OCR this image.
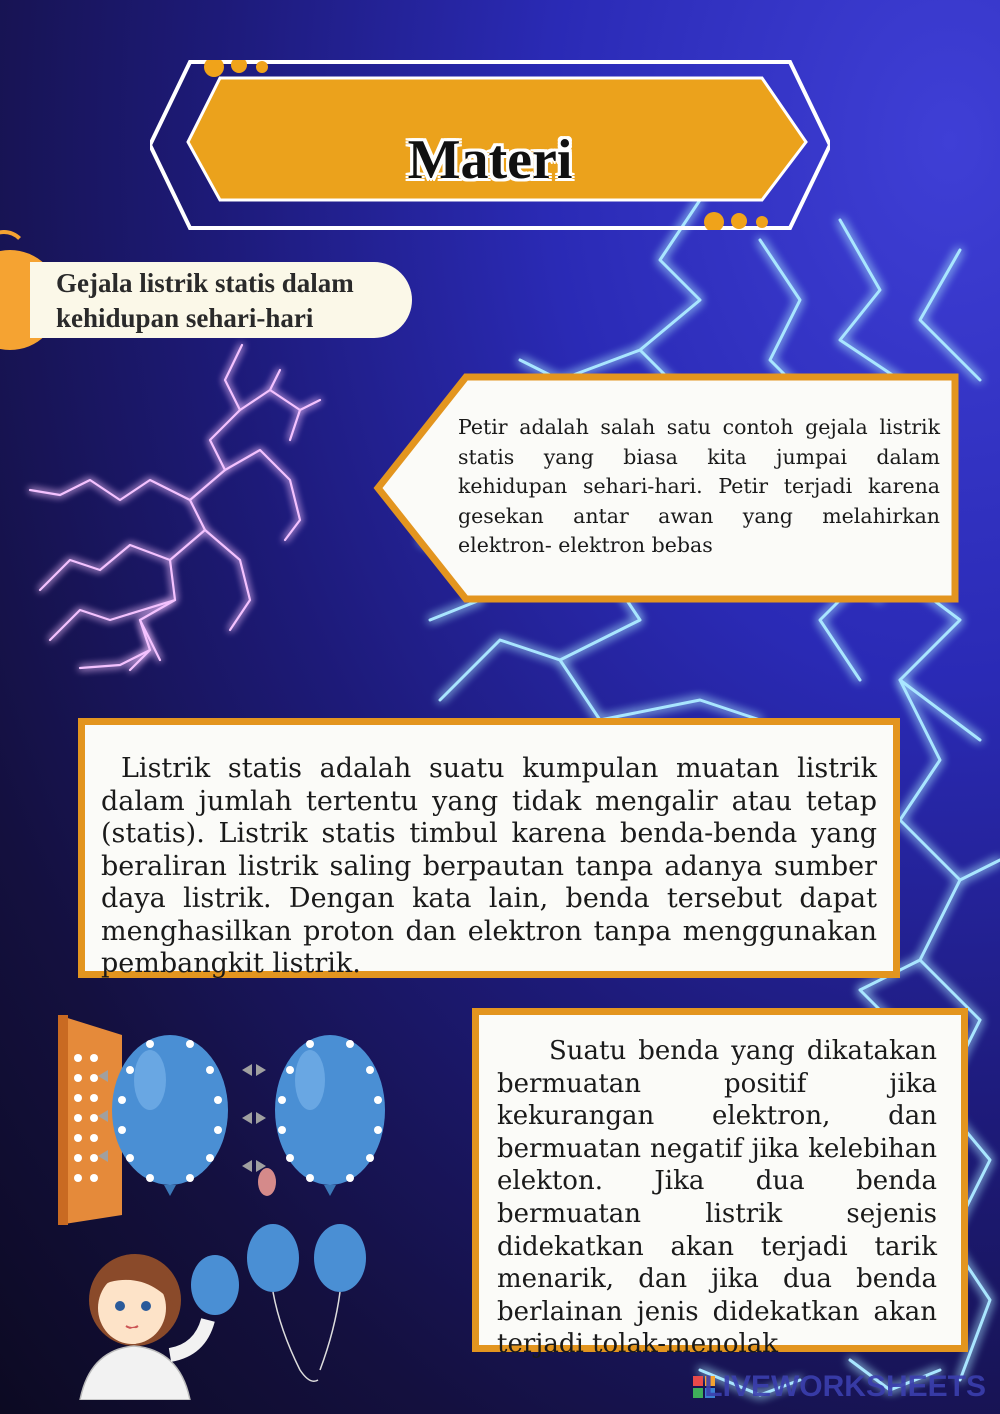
Materi
Gejala listrik statis dalam
kehidupan sehari-hari
Petir adalah salah satu contoh gejala listrik statis yang biasa kita jumpai dalam kehidupan sehari-hari. Petir terjadi karena gesekan antar awan yang melahirkan elektron- elektron bebas

Listrik statis adalah suatu kumpulan muatan listrik dalam jumlah tertentu yang tidak mengalir atau tetap (statis). Listrik statis timbul karena benda-benda yang beraliran listrik saling berpautan tanpa adanya sumber daya listrik. Dengan kata lain, benda tersebut dapat menghasilkan proton dan elektron tanpa menggunakan pembangkit listrik.

Suatu benda yang dikatakan bermuatan positif jika kekurangan elektron, dan bermuatan negatif jika kelebihan elekton. Jika dua benda bermuatan listrik sejenis didekatkan akan terjadi tarik menarik, dan jika dua benda berlainan jenis didekatkan akan terjadi tolak-menolak

LIVEWORKSHEETS
